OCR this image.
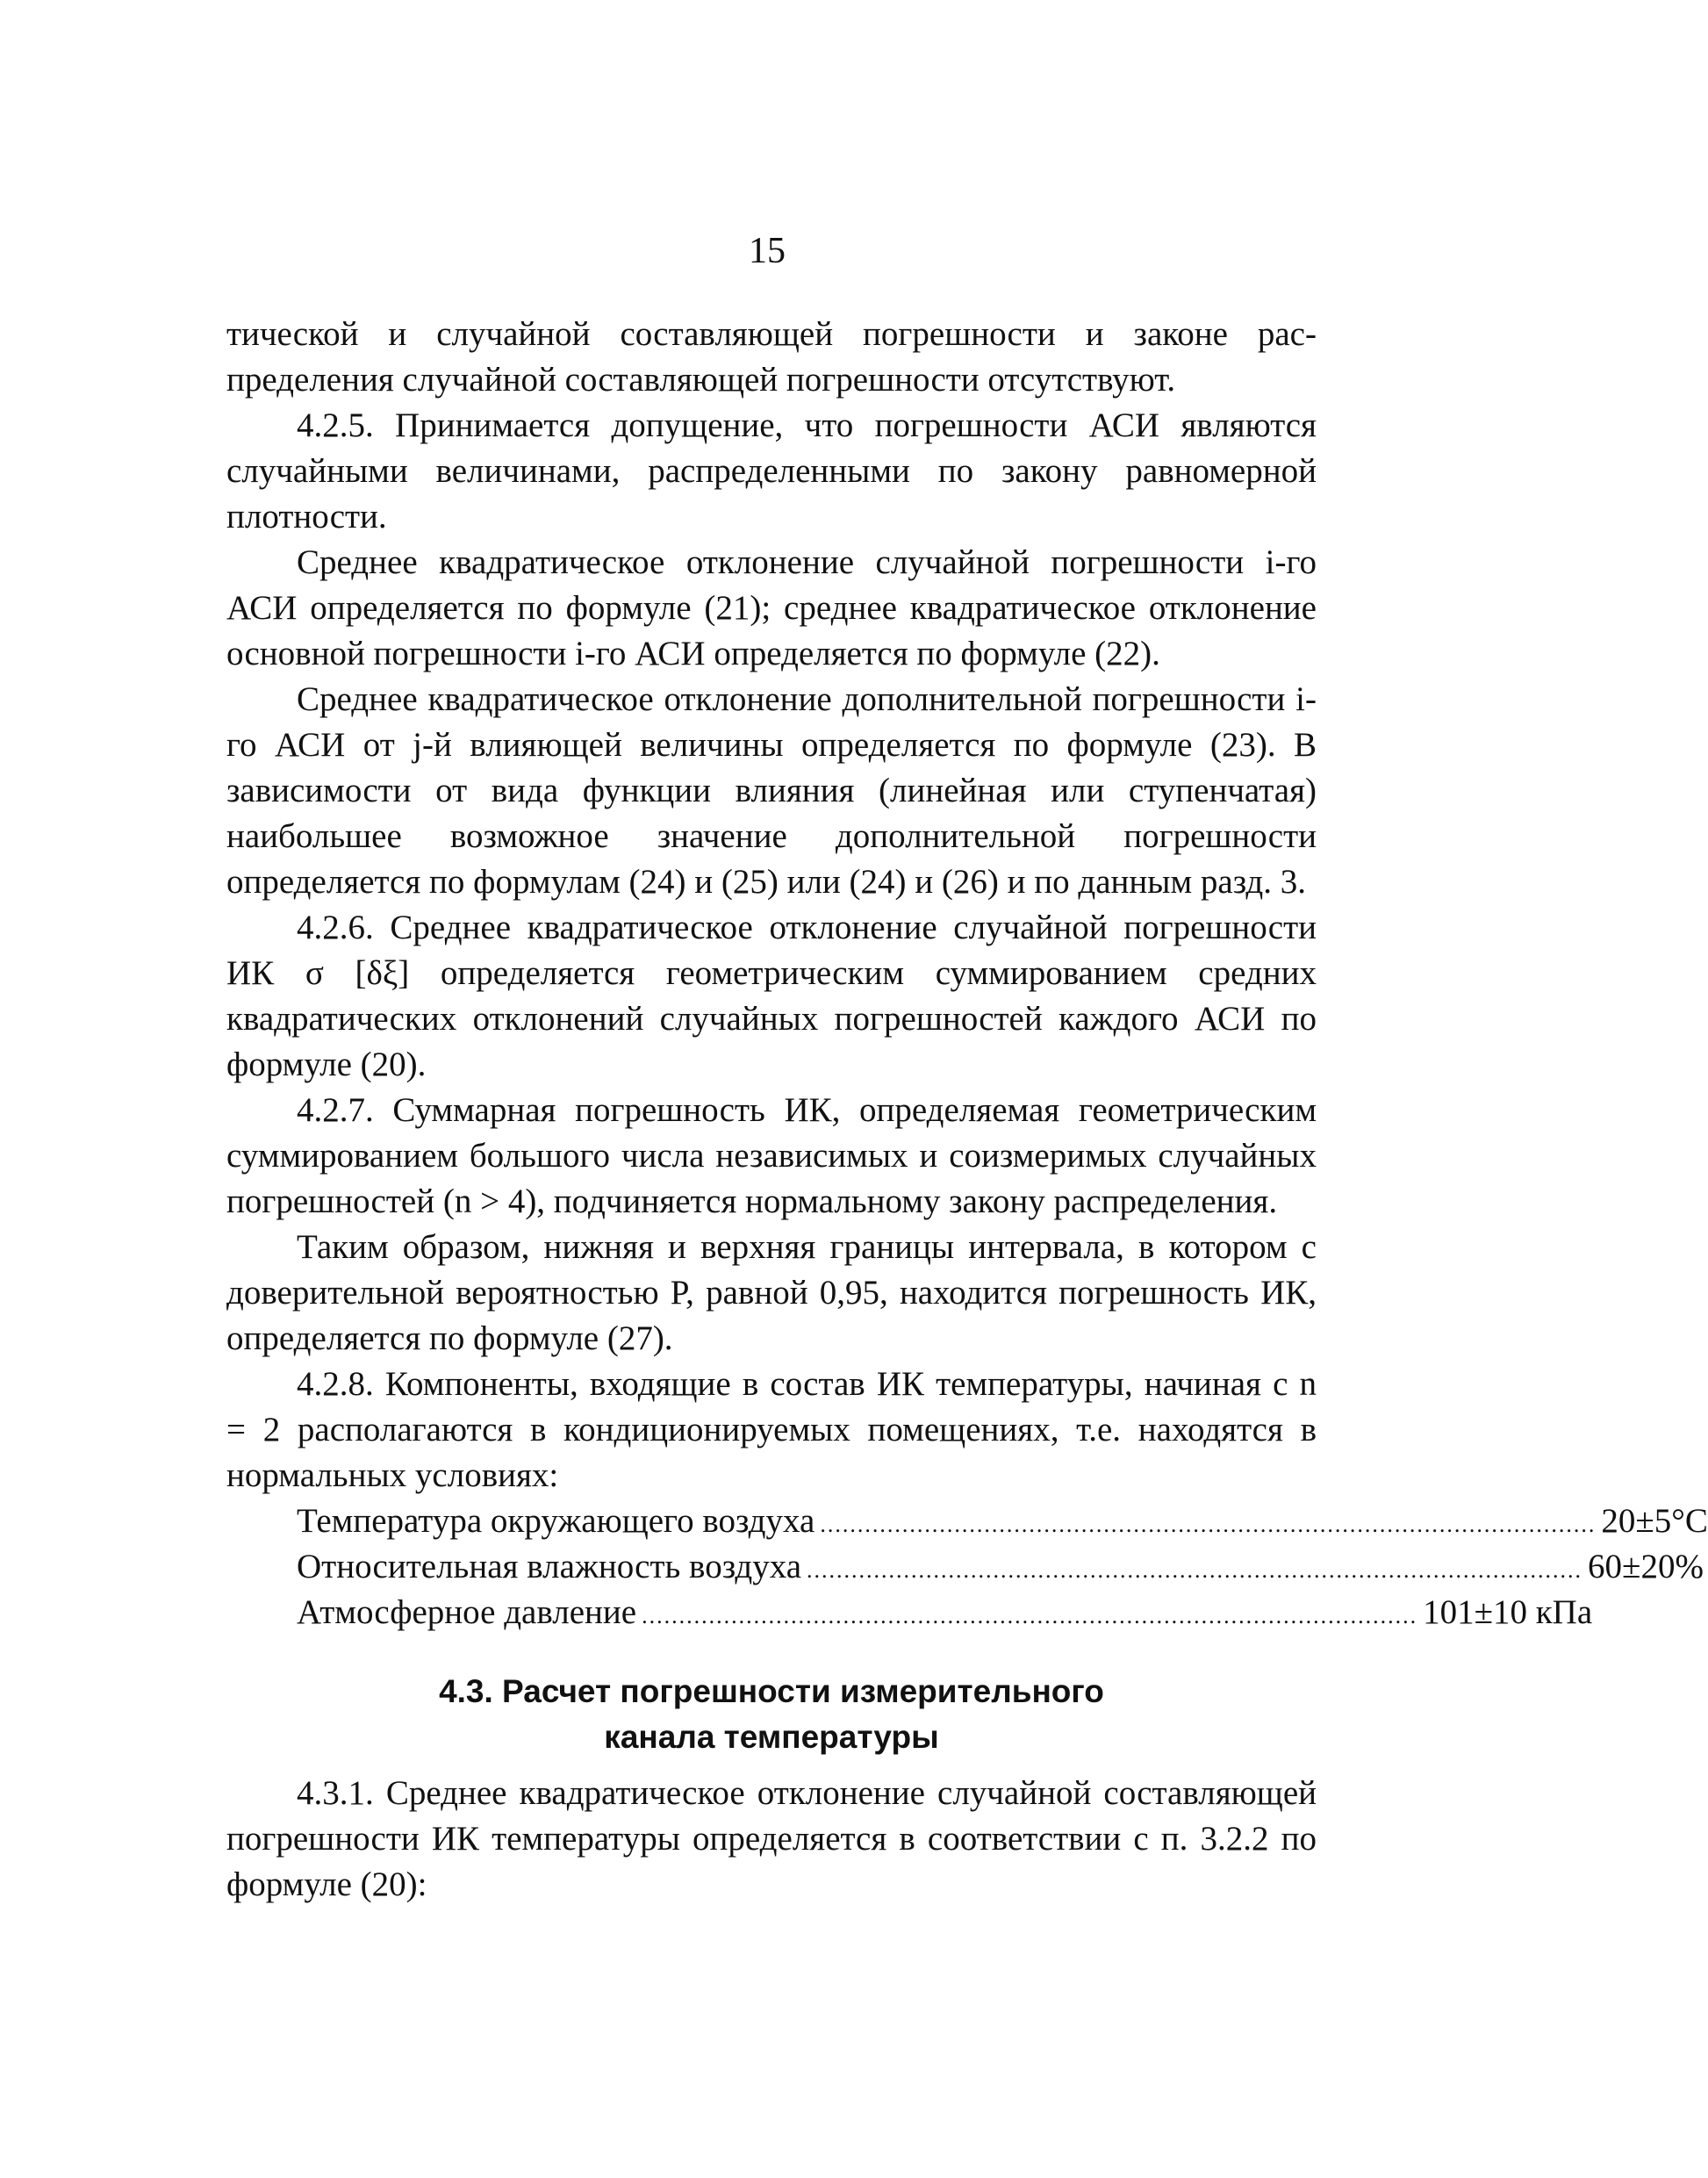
15

тической и случайной составляющей погрешности и законе распределения случайной составляющей погрешности отсутствуют.

4.2.5. Принимается допущение, что погрешности АСИ являются случайными величинами, распределенными по закону равномерной плотности.

Среднее квадратическое отклонение случайной погрешности i-го АСИ определяется по формуле (21); среднее квадратическое отклонение основной погрешности i-го АСИ определяется по формуле (22).

Среднее квадратическое отклонение дополнительной погрешности i-го АСИ от j-й влияющей величины определяется по формуле (23). В зависимости от вида функции влияния (линейная или ступенчатая) наибольшее возможное значение дополнительной погрешности определяется по формулам (24) и (25) или (24) и (26) и по данным разд. 3.

4.2.6. Среднее квадратическое отклонение случайной погрешности ИК σ [δξ] определяется геометрическим суммированием средних квадратических отклонений случайных погрешностей каждого АСИ по формуле (20).

4.2.7. Суммарная погрешность ИК, определяемая геометрическим суммированием большого числа независимых и соизмеримых случайных погрешностей (n > 4), подчиняется нормальному закону распределения.

Таким образом, нижняя и верхняя границы интервала, в котором с доверительной вероятностью P, равной 0,95, находится погрешность ИК, определяется по формуле (27).

4.2.8. Компоненты, входящие в состав ИК температуры, начиная с n = 2 располагаются в кондиционируемых помещениях, т.е. находятся в нормальных условиях:

Температура окружающего воздуха ........................................................................................................ 20±5°С
Относительная влажность воздуха ........................................................................................................ 60±20%
Атмосферное давление ........................................................................................................ 101±10 кПа
4.3. Расчет погрешности измерительного
канала температуры

4.3.1. Среднее квадратическое отклонение случайной составляющей погрешности ИК температуры определяется в соответствии с п. 3.2.2 по формуле (20):
